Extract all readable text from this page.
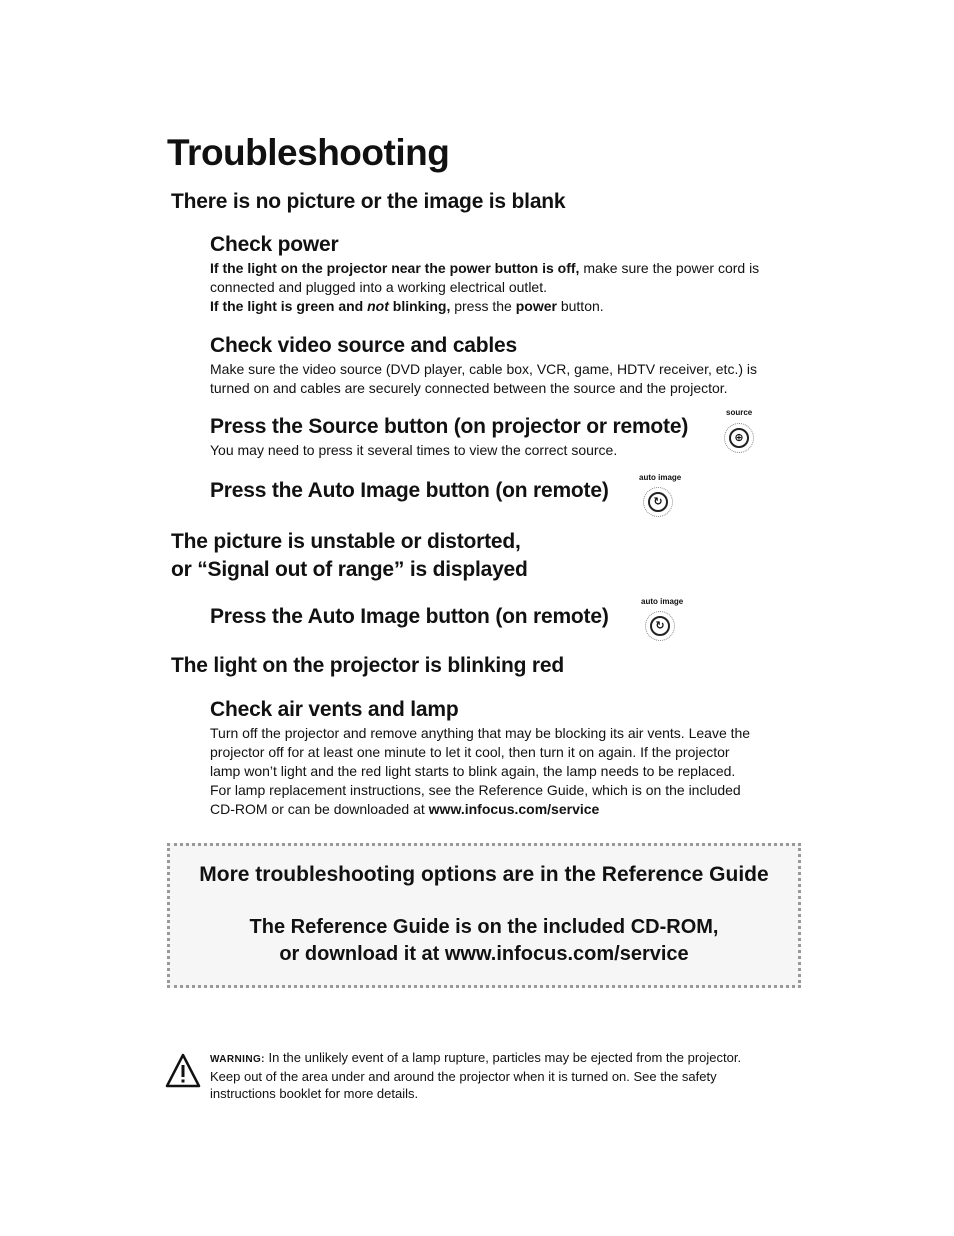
Troubleshooting
There is no picture or the image is blank
Check power

If the light on the projector near the power button is off, make sure the power cord is

connected and plugged into a working electrical outlet.

If the light is green and not blinking, press the power button.

Check video source and cables

Make sure the video source (DVD player, cable box, VCR, game, HDTV receiver, etc.) is

turned on and cables are securely connected between the source and the projector.

Press the Source button (on projector or remote)
source
⊕
You may need to press it several times to view the correct source.
Press the Auto Image button (on remote)
auto image
↻
The picture is unstable or distorted,
or “Signal out of range” is displayed
Press the Auto Image button (on remote)
auto image
↻
The light on the projector is blinking red
Check air vents and lamp

Turn off the projector and remove anything that may be blocking its air vents. Leave the

projector off for at least one minute to let it cool, then turn it on again. If the projector

lamp won’t light and the red light starts to blink again, the lamp needs to be replaced.

For lamp replacement instructions, see the Reference Guide, which is on the included

CD-ROM or can be downloaded at www.infocus.com/service

More troubleshooting options are in the Reference Guide
The Reference Guide is on the included CD-ROM,
or download it at www.infocus.com/service
WARNING: In the unlikely event of a lamp rupture, particles may be ejected from the projector.
Keep out of the area under and around the projector when it is turned on. See the safety
instructions booklet for more details.
